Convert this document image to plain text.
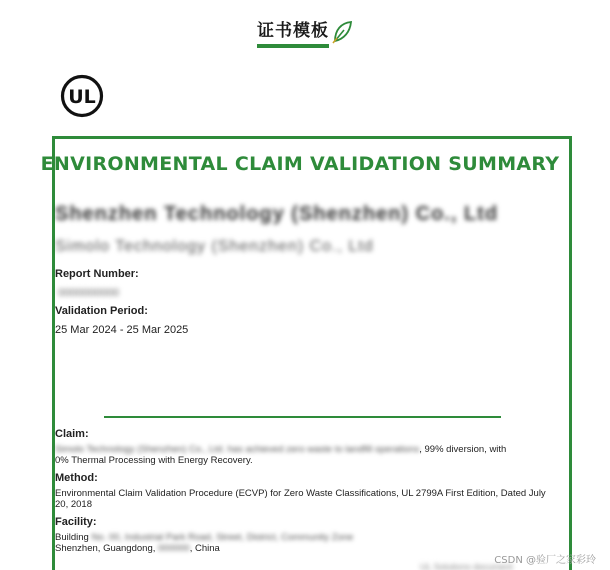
证书模板
UL
ENVIRONMENTAL CLAIM VALIDATION SUMMARY
Shenzhen Technology (Shenzhen) Co., Ltd
Simolo Technology (Shenzhen) Co., Ltd
Report Number:
0000000000
Validation Period:
25 Mar 2024 - 25 Mar 2025
Claim:
Simolo Technology (Shenzhen) Co., Ltd. has achieved zero waste to landfill operations, 99% diversion, with
0% Thermal Processing with Energy Recovery.
Method:
Environmental Claim Validation Procedure (ECVP) for Zero Waste Classifications, UL 2799A First Edition, Dated July 20, 2018
Facility:
Building No. 00, Industrial Park Road, Street, District, Community Zone
Shenzhen, Guangdong, 000000, China
UL Solutions document
CSDN @验厂之家彩玲
